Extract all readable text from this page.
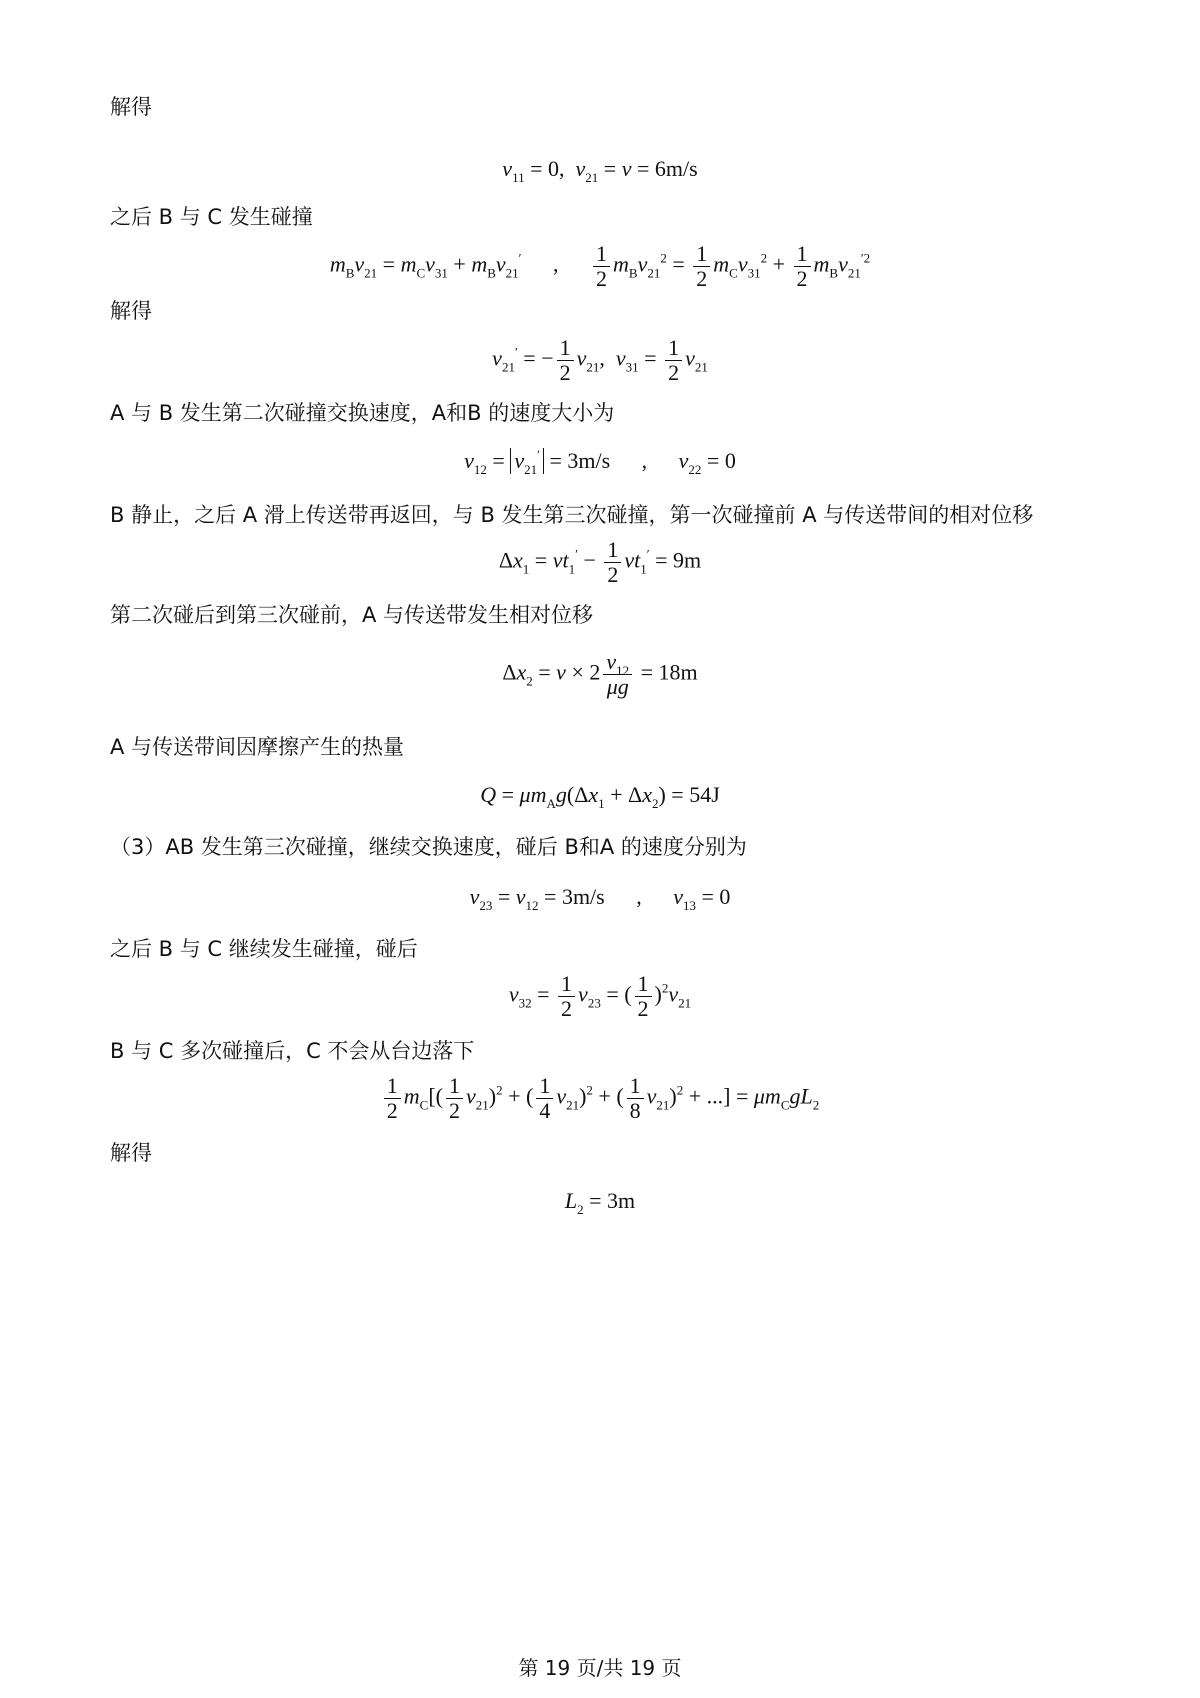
解得
$v_{11} = 0$,  $v_{21} = v = 6m/s$
之后 B 与 C 发生碰撞
$m_Bv_{21} = m_Cv_{31} + m_Bv_{21}'$ , $\frac{1}{2} m_Bv_{21}^2 = \frac{1}{2} m_Cv_{31}^2 + \frac{1}{2} m_Bv_{21}^{'2}$
解得
$v_{21}'$ = − $\frac{1}{2} v_{21}$,  $v_{31} = \frac{1}{2} v_{21}$
A 与 B 发生第二次碰撞交换速度，A和B 的速度大小为
$v_{12} = v_{21}' = 3m/s$ , $v_{22} = 0$
B 静止，之后 A 滑上传送带再返回，与 B 发生第三次碰撞，第一次碰撞前 A 与传送带间的相对位移
$\Delta x_1 = vt_1' - \frac{1}{2} vt_1' = 9m$
第二次碰后到第三次碰前，A 与传送带发生相对位移
$\Delta x_2 = v \times 2 \frac{v_{12}}{\mu g} = 18m$
A 与传送带间因摩擦产生的热量
$Q = \mu m_Ag(\Delta x_1 + \Delta x_2) = 54J$
（3）AB 发生第三次碰撞，继续交换速度，碰后 B和A 的速度分别为
$v_{23} = v_{12} = 3m/s$ , $v_{13} = 0$
之后 B 与 C 继续发生碰撞，碰后
$v_{32} = \frac{1}{2} v_{23}$ = ( $\frac{1}{2} )^2v_{21}$
B 与 C 多次碰撞后，C 不会从台边落下
$\frac{1}{2} m_C[( \frac{1}{2} v_{21})^2$ + ( $\frac{1}{4} v_{21})^2$ + ( $\frac{1}{8} v_{21})^2$ + ...] = $\mu m_CgL_2$
解得
$L_2 = 3m$
第 19 页/共 19 页
